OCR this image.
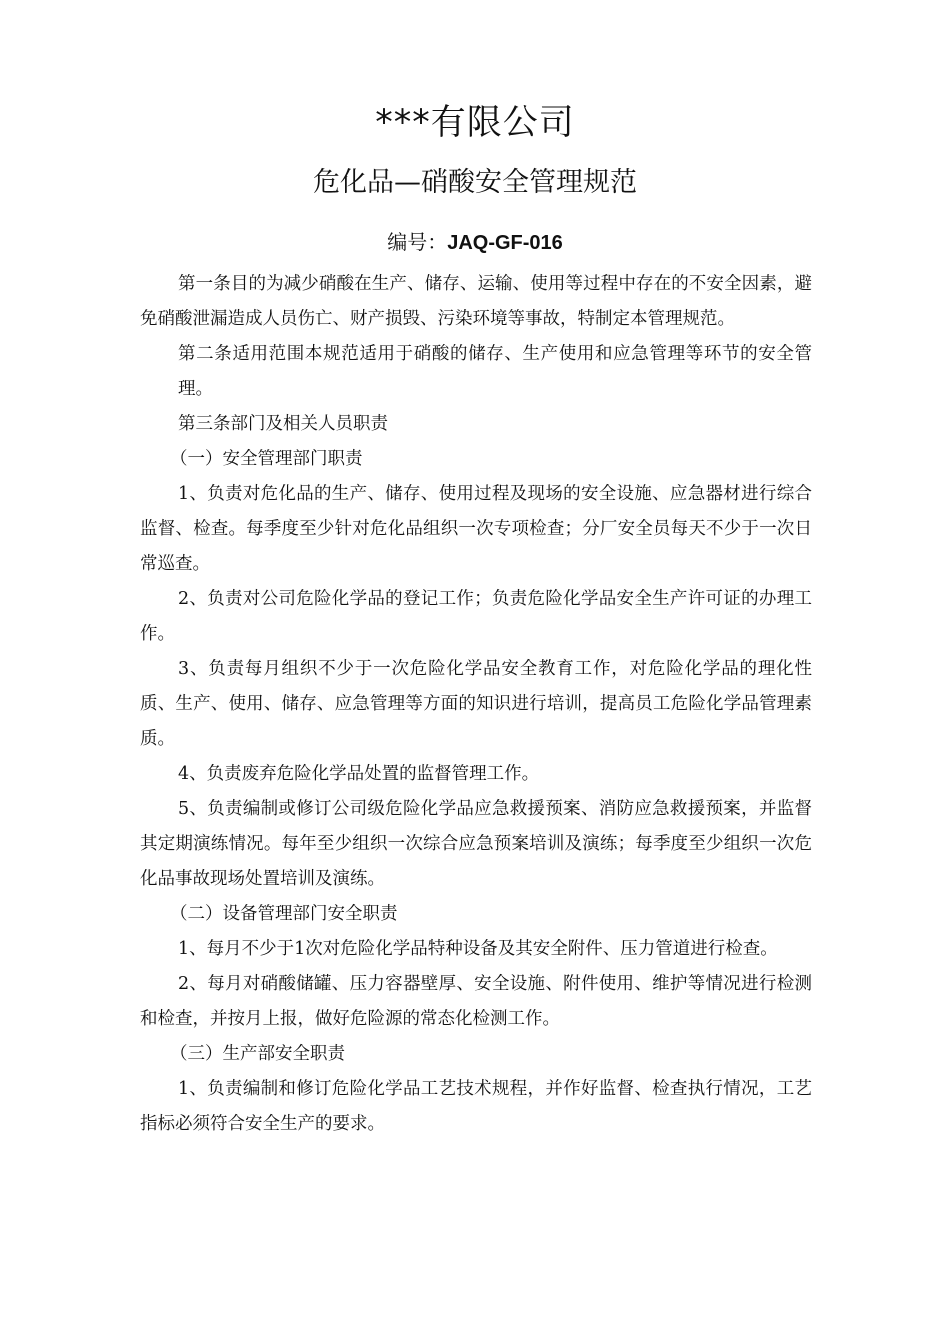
***有限公司
危化品—硝酸安全管理规范
编号：JAQ-GF-016

第一条目的为减少硝酸在生产、储存、运输、使用等过程中存在的不安全因素，避免硝酸泄漏造成人员伤亡、财产损毁、污染环境等事故，特制定本管理规范。

第二条适用范围本规范适用于硝酸的储存、生产使用和应急管理等环节的安全管理。

第三条部门及相关人员职责

（一）安全管理部门职责

1、负责对危化品的生产、储存、使用过程及现场的安全设施、应急器材进行综合监督、检查。每季度至少针对危化品组织一次专项检查；分厂安全员每天不少于一次日常巡查。

2、负责对公司危险化学品的登记工作；负责危险化学品安全生产许可证的办理工作。

3、负责每月组织不少于一次危险化学品安全教育工作，对危险化学品的理化性质、生产、使用、储存、应急管理等方面的知识进行培训，提高员工危险化学品管理素质。

4、负责废弃危险化学品处置的监督管理工作。

5、负责编制或修订公司级危险化学品应急救援预案、消防应急救援预案，并监督其定期演练情况。每年至少组织一次综合应急预案培训及演练；每季度至少组织一次危化品事故现场处置培训及演练。

（二）设备管理部门安全职责

1、每月不少于1次对危险化学品特种设备及其安全附件、压力管道进行检查。

2、每月对硝酸储罐、压力容器壁厚、安全设施、附件使用、维护等情况进行检测和检查，并按月上报，做好危险源的常态化检测工作。

（三）生产部安全职责

1、负责编制和修订危险化学品工艺技术规程，并作好监督、检查执行情况，工艺指标必须符合安全生产的要求。
